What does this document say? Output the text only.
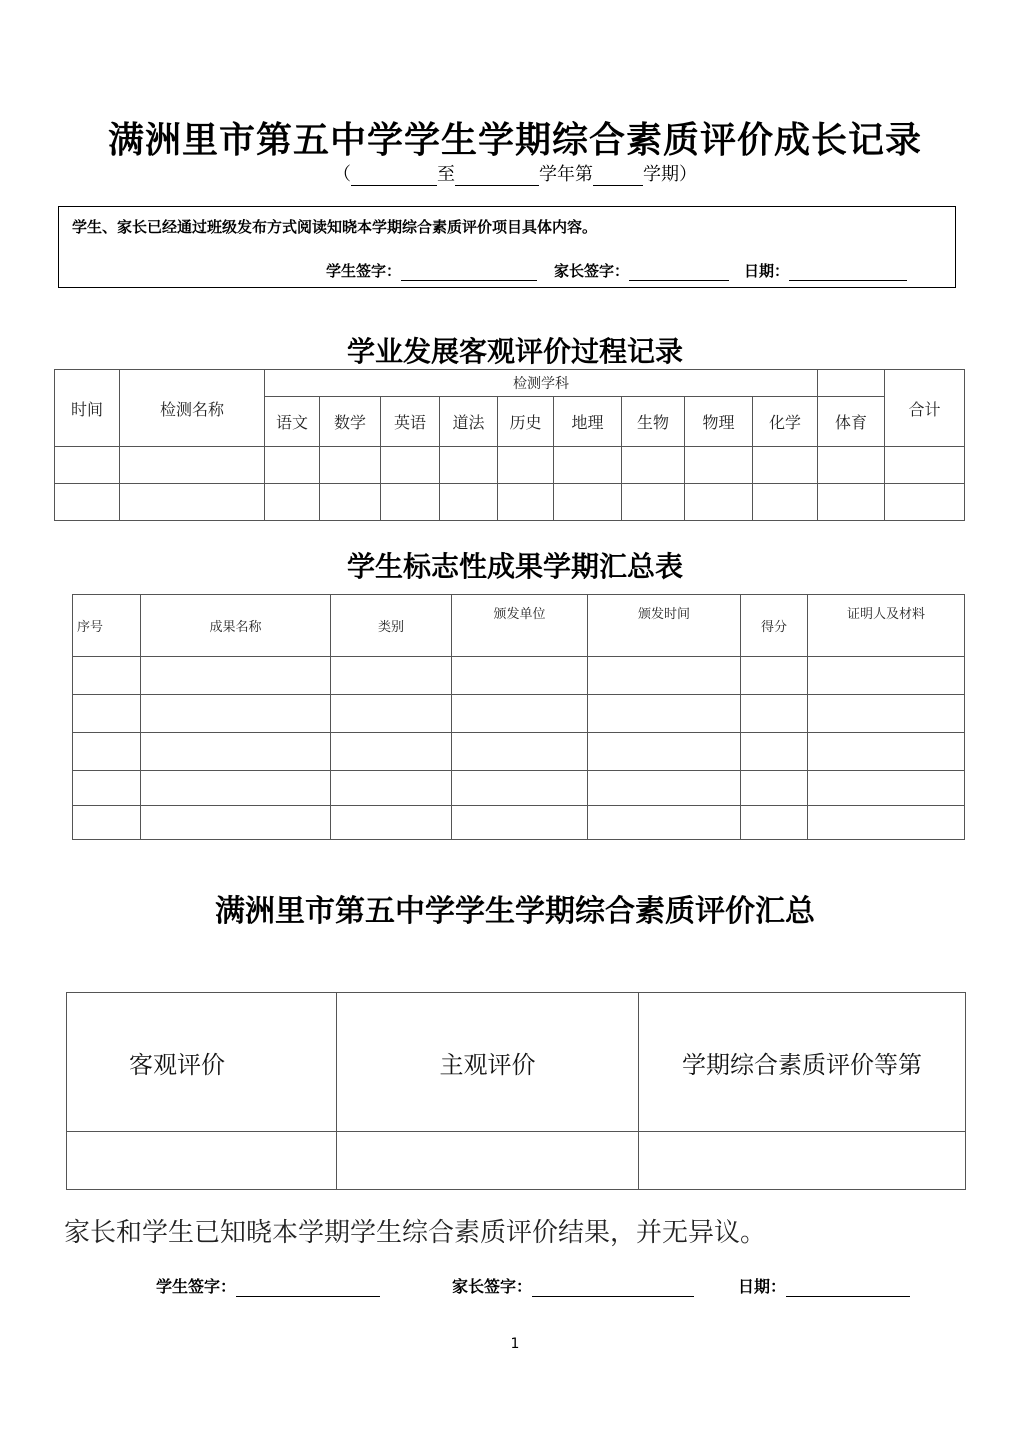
满洲里市第五中学学生学期综合素质评价成长记录
（	至	学年第	学期）
学生、家长已经通过班级发布方式阅读知晓本学期综合素质评价项目具体内容。
学生签字：	家长签字：	日期：
学业发展客观评价过程记录
时间	检测名称	检测学科										合计
		语文	数学	英语	道法	历史	地理	生物	物理	化学	体育	

学生标志性成果学期汇总表
序号	成果名称	类别	颁发单位	颁发时间	得分	证明人及材料

满洲里市第五中学学生学期综合素质评价汇总
客观评价	主观评价	学期综合素质评价等第

家长和学生已知晓本学期学生综合素质评价结果，并无异议。
学生签字：	家长签字：	日期：
1
